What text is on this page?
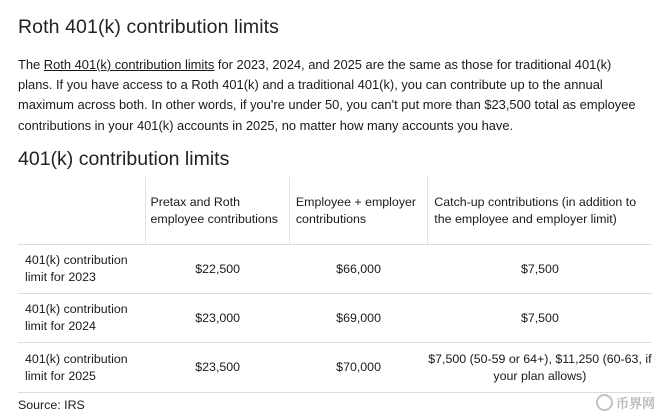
Roth 401(k) contribution limits

The Roth 401(k) contribution limits for 2023, 2024, and 2025 are the same as those for traditional 401(k) plans. If you have access to a Roth 401(k) and a traditional 401(k), you can contribute up to the annual maximum across both. In other words, if you're under 50, you can't put more than $23,500 total as employee contributions in your 401(k) accounts in 2025, no matter how many accounts you have.

401(k) contribution limits

	Pretax and Roth employee contributions	Employee + employer contributions	Catch-up contributions (in addition to the employee and employer limit)

401(k) contribution limit for 2023	$22,500	$66,000	$7,500
401(k) contribution limit for 2024	$23,000	$69,000	$7,500
401(k) contribution limit for 2025	$23,500	$70,000	$7,500 (50-59 or 64+), $11,250 (60-63, if your plan allows)

Source: IRS	币界网
